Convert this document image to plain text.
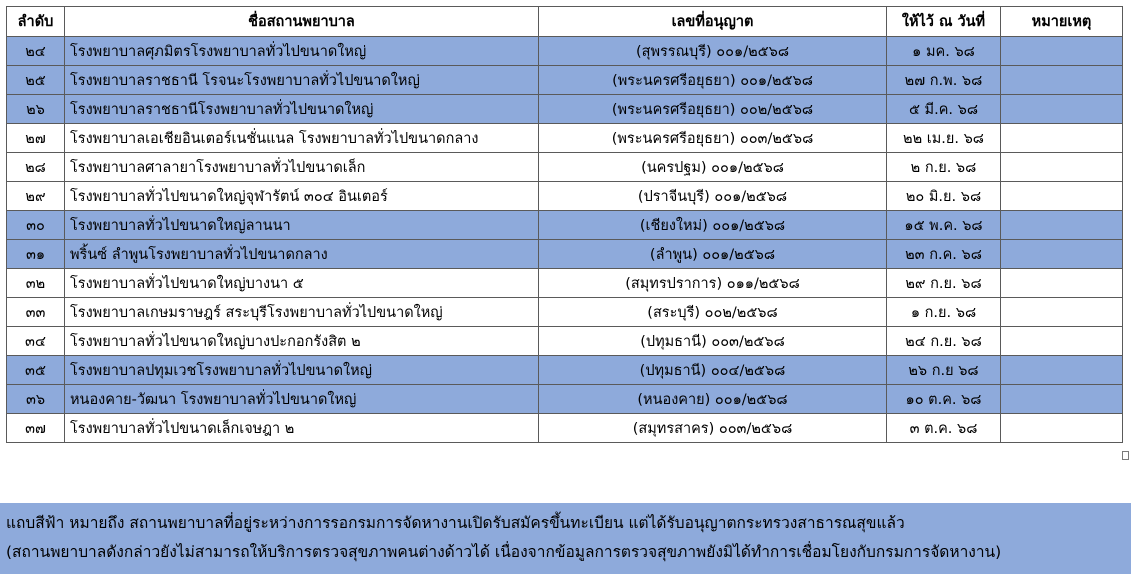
ลำดับ	ชื่อสถานพยาบาล	เลขที่อนุญาต	ให้ไว้ ณ วันที่	หมายเหตุ
๒๔	โรงพยาบาลศุภมิตรโรงพยาบาลทั่วไปขนาดใหญ่	(สุพรรณบุรี) ๐๐๑/๒๕๖๘	๑ มค. ๖๘	
๒๕	โรงพยาบาลราชธานี โรจนะโรงพยาบาลทั่วไปขนาดใหญ่	(พระนครศรีอยุธยา) ๐๐๑/๒๕๖๘	๒๗ ก.พ. ๖๘	
๒๖	โรงพยาบาลราชธานีโรงพยาบาลทั่วไปขนาดใหญ่	(พระนครศรีอยุธยา) ๐๐๒/๒๕๖๘	๕ มี.ค. ๖๘	
๒๗	โรงพยาบาลเอเชียอินเตอร์เนชั่นแนล โรงพยาบาลทั่วไปขนาดกลาง	(พระนครศรีอยุธยา) ๐๐๓/๒๕๖๘	๒๒ เม.ย. ๖๘	
๒๘	โรงพยาบาลศาลายาโรงพยาบาลทั่วไปขนาดเล็ก	(นครปฐม) ๐๐๑/๒๕๖๘	๒ ก.ย. ๖๘	
๒๙	โรงพยาบาลทั่วไปขนาดใหญ่จุฬารัตน์ ๓๐๔ อินเตอร์	(ปราจีนบุรี) ๐๐๑/๒๕๖๘	๒๐ มิ.ย. ๖๘	
๓๐	โรงพยาบาลทั่วไปขนาดใหญ่ลานนา	(เชียงใหม่) ๐๐๑/๒๕๖๘	๑๕ พ.ค. ๖๘	
๓๑	พริ้นซ์ ลำพูนโรงพยาบาลทั่วไปขนาดกลาง	(ลำพูน) ๐๐๑/๒๕๖๘	๒๓ ก.ค. ๖๘	
๓๒	โรงพยาบาลทั่วไปขนาดใหญ่บางนา ๕	(สมุทรปราการ) ๐๑๑/๒๕๖๘	๒๙ ก.ย. ๖๘	
๓๓	โรงพยาบาลเกษมราษฎร์ สระบุรีโรงพยาบาลทั่วไปขนาดใหญ่	(สระบุรี) ๐๐๒/๒๕๖๘	๑ ก.ย. ๖๘	
๓๔	โรงพยาบาลทั่วไปขนาดใหญ่บางปะกอกรังสิต ๒	(ปทุมธานี) ๐๐๓/๒๕๖๘	๒๔ ก.ย. ๖๘	
๓๕	โรงพยาบาลปทุมเวชโรงพยาบาลทั่วไปขนาดใหญ่	(ปทุมธานี) ๐๐๔/๒๕๖๘	๒๖ ก.ย ๖๘	
๓๖	หนองคาย-วัฒนา โรงพยาบาลทั่วไปขนาดใหญ่	(หนองคาย) ๐๐๑/๒๕๖๘	๑๐ ต.ค. ๖๘	
๓๗	โรงพยาบาลทั่วไปขนาดเล็กเจษฎา ๒	(สมุทรสาคร) ๐๐๓/๒๕๖๘	๓ ต.ค. ๖๘	
แถบสีฟ้า หมายถึง สถานพยาบาลที่อยู่ระหว่างการรอกรมการจัดหางานเปิดรับสมัครขึ้นทะเบียน แต่ได้รับอนุญาตกระทรวงสาธารณสุขแล้ว
(สถานพยาบาลดังกล่าวยังไม่สามารถให้บริการตรวจสุขภาพคนต่างด้าวได้ เนื่องจากข้อมูลการตรวจสุขภาพยังมิได้ทำการเชื่อมโยงกับกรมการจัดหางาน)
